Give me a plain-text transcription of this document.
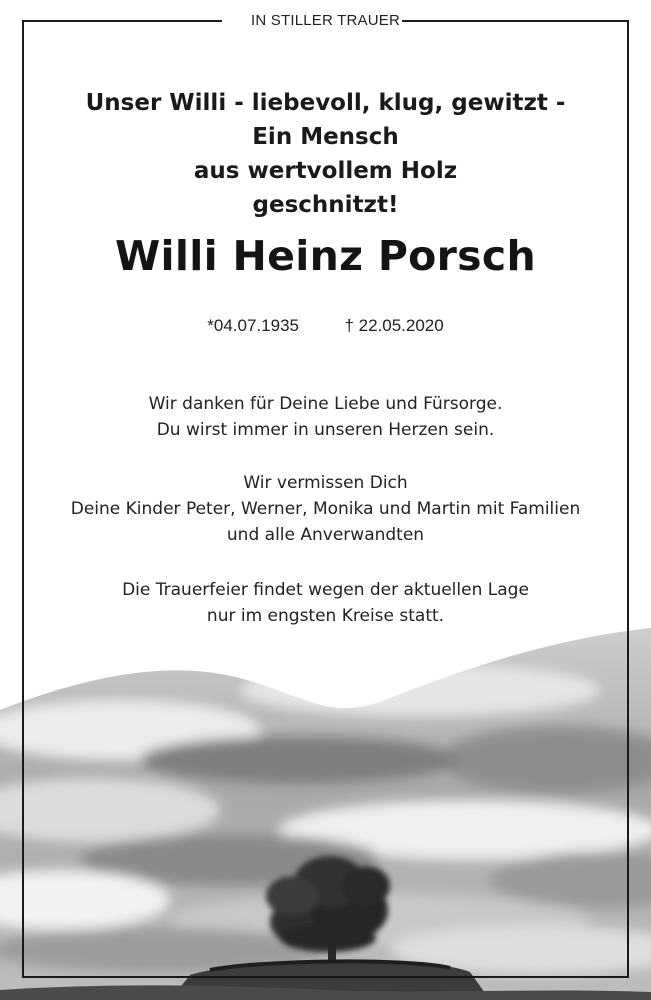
IN STILLER TRAUER
Unser Willi - liebevoll, klug, gewitzt -
Ein Mensch
aus wertvollem Holz
geschnitzt!
Willi Heinz Porsch
*04.07.1935	† 22.05.2020
Wir danken für Deine Liebe und Fürsorge.
Du wirst immer in unseren Herzen sein.
Wir vermissen Dich
Deine Kinder Peter, Werner, Monika und Martin mit Familien
und alle Anverwandten
Die Trauerfeier findet wegen der aktuellen Lage
nur im engsten Kreise statt.
